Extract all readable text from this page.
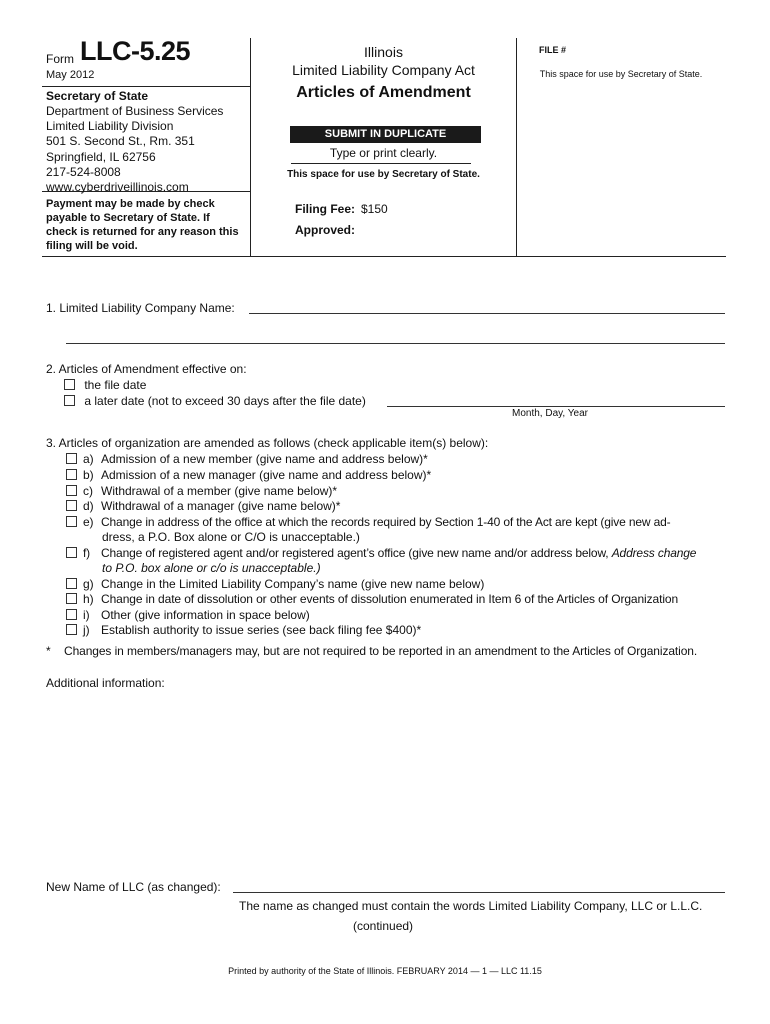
Form LLC-5.25
May 2012
Secretary of State
Department of Business Services
Limited Liability Division
501 S. Second St., Rm. 351
Springfield, IL 62756
217-524-8008
www.cyberdriveillinois.com
Payment may be made by check
payable to Secretary of State. If
check is returned for any reason this
filing will be void.
Illinois
Limited Liability Company Act
Articles of Amendment
SUBMIT IN DUPLICATE
Type or print clearly.
This space for use by Secretary of State.
Filing Fee: $150
Approved:
FILE #
This space for use by Secretary of State.
1. Limited Liability Company Name:
2. Articles of Amendment effective on:
the file date
a later date (not to exceed 30 days after the file date)
Month, Day, Year
3. Articles of organization are amended as follows (check applicable item(s) below):
a) Admission of a new member (give name and address below)*
b) Admission of a new manager (give name and address below)*
c) Withdrawal of a member (give name below)*
d) Withdrawal of a manager (give name below)*
e) Change in address of the office at which the records required by Section 1-40 of the Act are kept (give new ad-
dress, a P.O. Box alone or C/O is unacceptable.)
f) Change of registered agent and/or registered agent’s office (give new name and/or address below, Address change
to P.O. box alone or c/o is unacceptable.)
g) Change in the Limited Liability Company’s name (give new name below)
h) Change in date of dissolution or other events of dissolution enumerated in Item 6 of the Articles of Organization
i) Other (give information in space below)
j) Establish authority to issue series (see back filing fee $400)*
* Changes in members/managers may, but are not required to be reported in an amendment to the Articles of Organization.
Additional information:
New Name of LLC (as changed):
The name as changed must contain the words Limited Liability Company, LLC or L.L.C.
(continued)
Printed by authority of the State of Illinois. FEBRUARY 2014 — 1 — LLC 11.15
